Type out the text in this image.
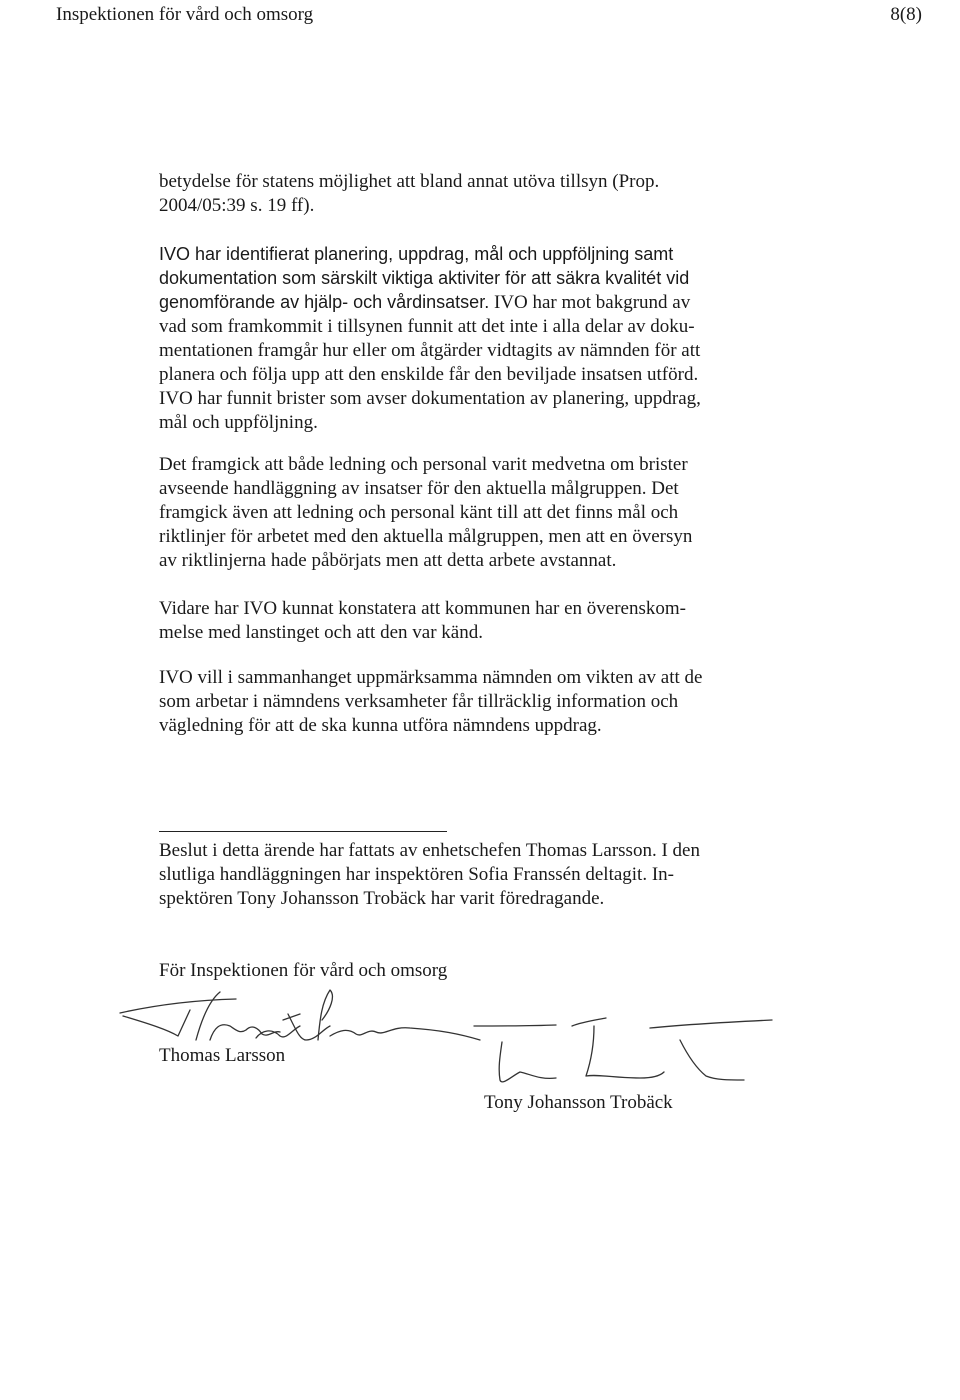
Inspektionen för vård och omsorg	8(8)

betydelse för statens möjlighet att bland annat utöva tillsyn (Prop.
2004/05:39 s. 19 ff).

IVO har identifierat planering, uppdrag, mål och uppföljning samt
dokumentation som särskilt viktiga aktiviter för att säkra kvalitét vid
genomförande av hjälp- och vårdinsatser. IVO har mot bakgrund av
vad som framkommit i tillsynen funnit att det inte i alla delar av doku-
mentationen framgår hur eller om åtgärder vidtagits av nämnden för att
planera och följa upp att den enskilde får den beviljade insatsen utförd.
IVO har funnit brister som avser dokumentation av planering, uppdrag,
mål och uppföljning.

Det framgick att både ledning och personal varit medvetna om brister
avseende handläggning av insatser för den aktuella målgruppen. Det
framgick även att ledning och personal känt till att det finns mål och
riktlinjer för arbetet med den aktuella målgruppen, men att en översyn
av riktlinjerna hade påbörjats men att detta arbete avstannat.

Vidare har IVO kunnat konstatera att kommunen har en överenskom-
melse med lanstinget och att den var känd.

IVO vill i sammanhanget uppmärksamma nämnden om vikten av att de
som arbetar i nämndens verksamheter får tillräcklig information och
vägledning för att de ska kunna utföra nämndens uppdrag.

Beslut i detta ärende har fattats av enhetschefen Thomas Larsson. I den
slutliga handläggningen har inspektören Sofia Franssén deltagit. In-
spektören Tony Johansson Trobäck har varit föredragande.

För Inspektionen för vård och omsorg
Thomas Larsson
Tony Johansson Trobäck
